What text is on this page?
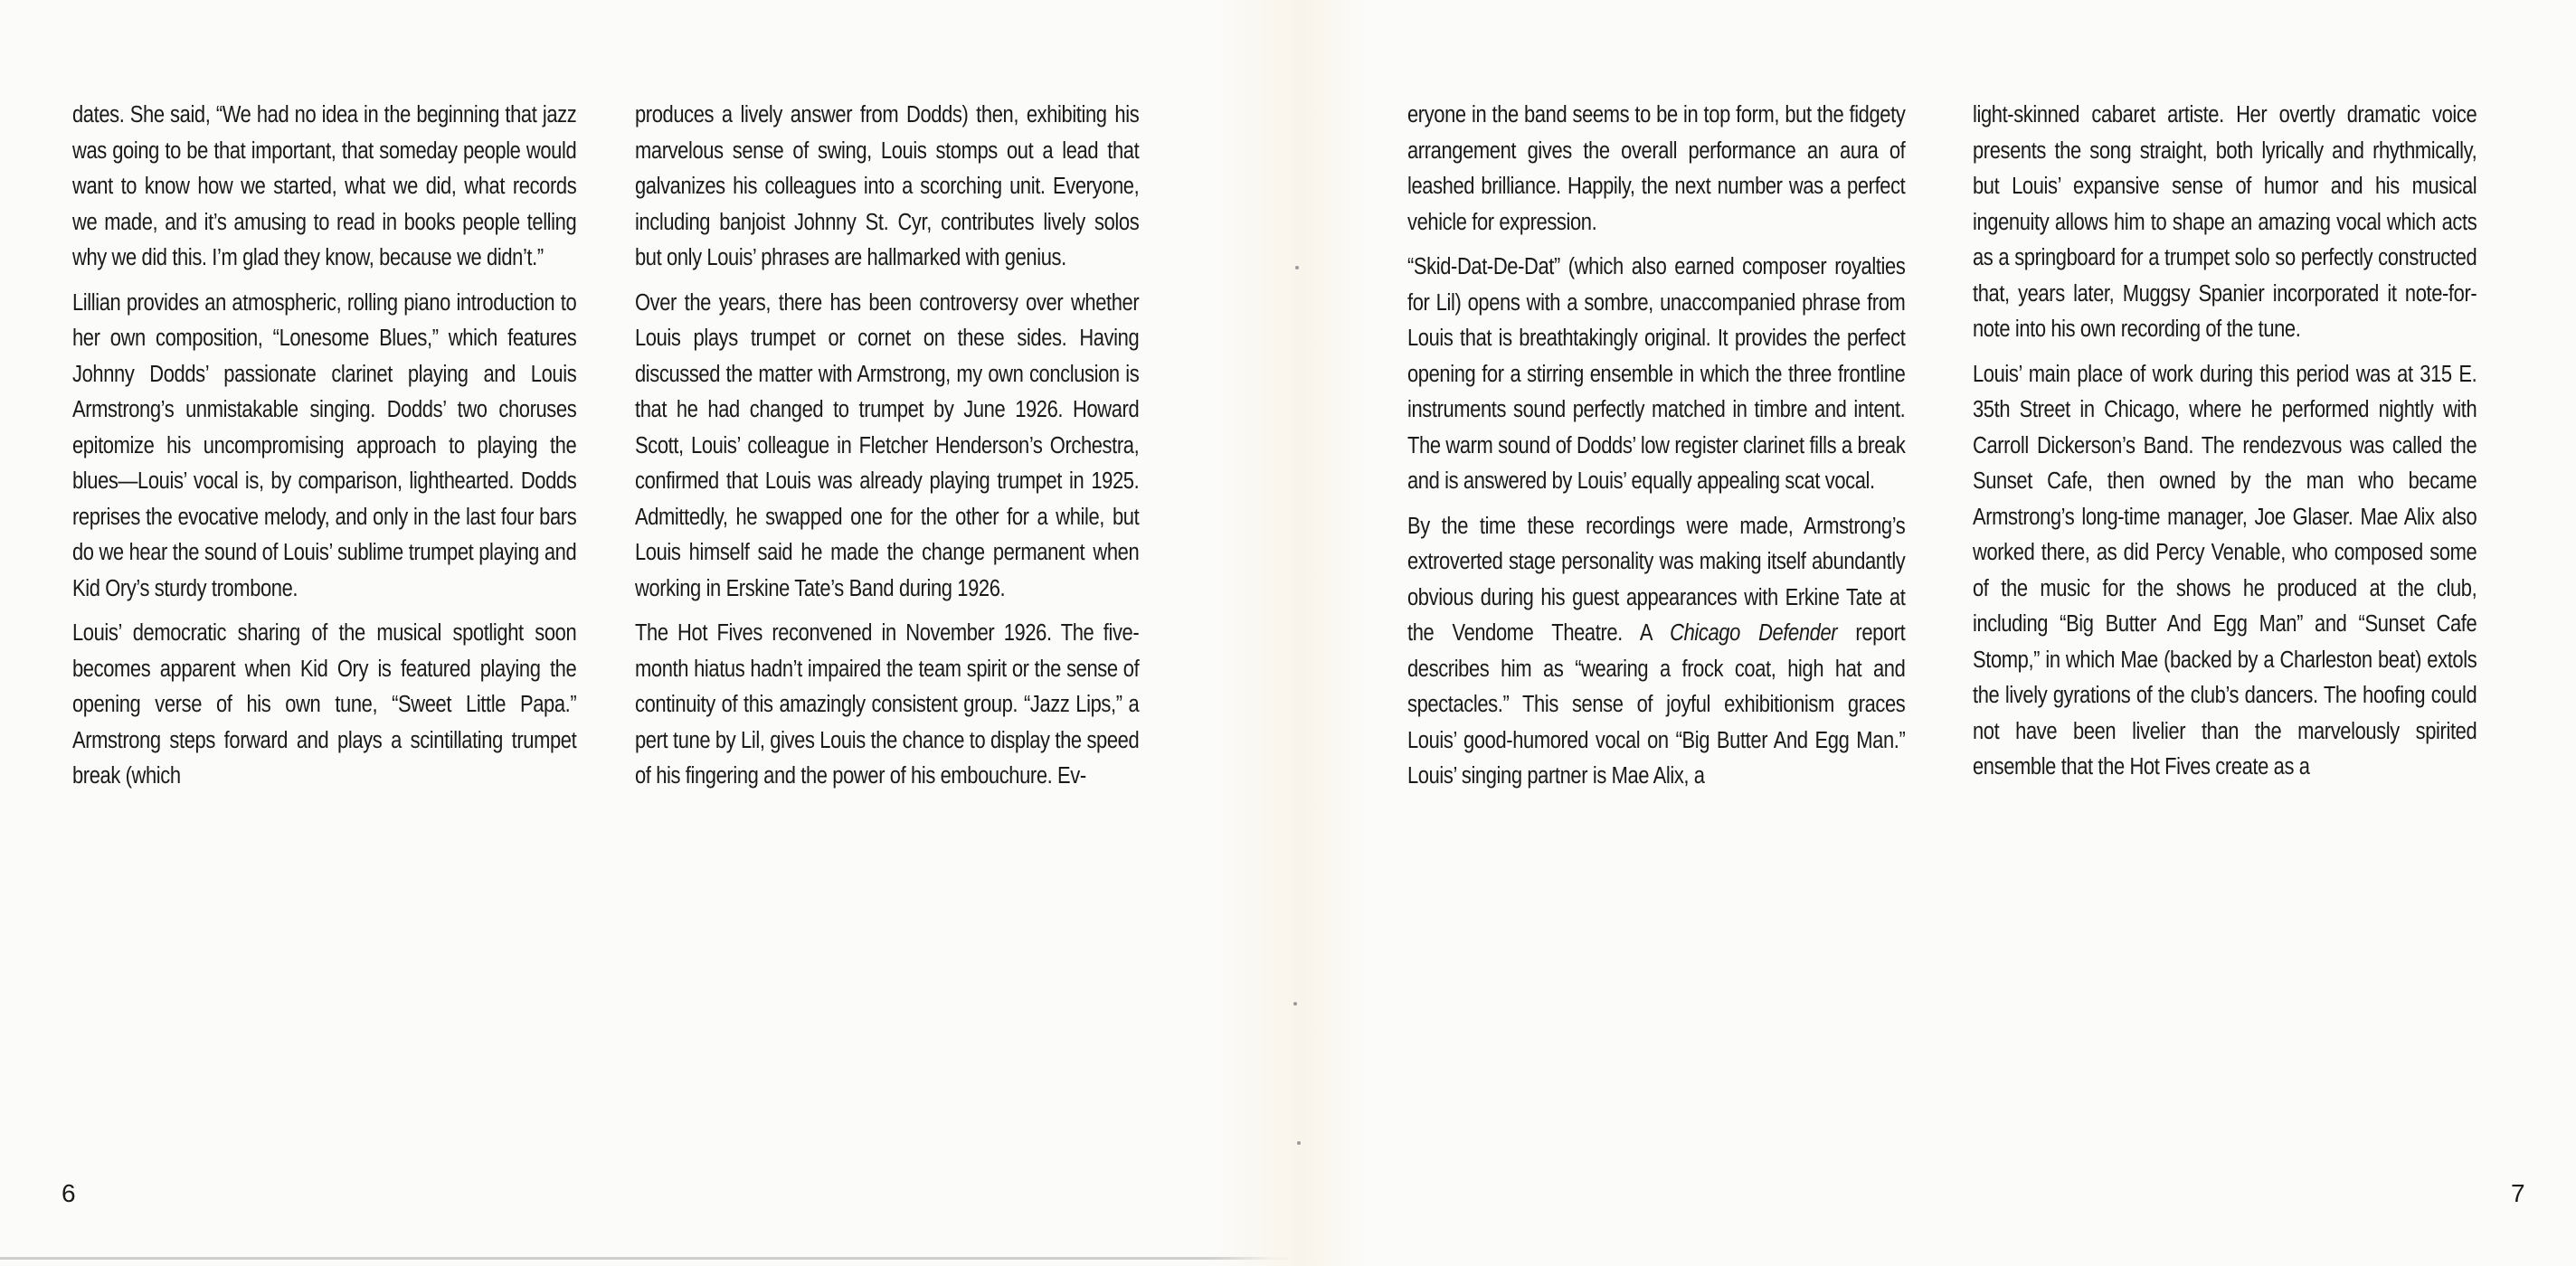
dates. She said, “We had no idea in the beginning that jazz was going to be that important, that someday people would want to know how we started, what we did, what records we made, and it’s amusing to read in books people telling why we did this. I’m glad they know, because we didn’t.”

Lillian provides an atmospheric, rolling piano introduction to her own composition, “Lonesome Blues,” which features Johnny Dodds’ passionate clarinet playing and Louis Armstrong’s unmistakable singing. Dodds’ two choruses epitomize his uncompromising approach to playing the blues—Louis’ vocal is, by comparison, lighthearted. Dodds reprises the evocative melody, and only in the last four bars do we hear the sound of Louis’ sublime trumpet playing and Kid Ory’s sturdy trombone.

Louis’ democratic sharing of the musical spotlight soon becomes apparent when Kid Ory is featured playing the opening verse of his own tune, “Sweet Little Papa.” Armstrong steps forward and plays a scintillating trumpet break (which

produces a lively answer from Dodds) then, exhibiting his marvelous sense of swing, Louis stomps out a lead that galvanizes his colleagues into a scorching unit. Everyone, including banjoist Johnny St. Cyr, contributes lively solos but only Louis’ phrases are hallmarked with genius.

Over the years, there has been controversy over whether Louis plays trumpet or cornet on these sides. Having discussed the matter with Armstrong, my own conclusion is that he had changed to trumpet by June 1926. Howard Scott, Louis’ colleague in Fletcher Henderson’s Orchestra, confirmed that Louis was already playing trumpet in 1925. Admittedly, he swapped one for the other for a while, but Louis himself said he made the change permanent when working in Erskine Tate’s Band during 1926.

The Hot Fives reconvened in November 1926. The five-month hiatus hadn’t impaired the team spirit or the sense of continuity of this amazingly consistent group. “Jazz Lips,” a pert tune by Lil, gives Louis the chance to display the speed of his fingering and the power of his embouchure. Ev-

6

eryone in the band seems to be in top form, but the fidgety arrangement gives the overall performance an aura of leashed brilliance. Happily, the next number was a perfect vehicle for expression.

“Skid-Dat-De-Dat” (which also earned composer royalties for Lil) opens with a sombre, unaccompanied phrase from Louis that is breathtakingly original. It provides the perfect opening for a stirring ensemble in which the three frontline instruments sound perfectly matched in timbre and intent. The warm sound of Dodds’ low register clarinet fills a break and is answered by Louis’ equally appealing scat vocal.

By the time these recordings were made, Armstrong’s extroverted stage personality was making itself abundantly obvious during his guest appearances with Erkine Tate at the Vendome Theatre. A Chicago Defender report describes him as “wearing a frock coat, high hat and spectacles.” This sense of joyful exhibitionism graces Louis’ good-humored vocal on “Big Butter And Egg Man.” Louis’ singing partner is Mae Alix, a

light-skinned cabaret artiste. Her overtly dramatic voice presents the song straight, both lyrically and rhythmically, but Louis’ expansive sense of humor and his musical ingenuity allows him to shape an amazing vocal which acts as a springboard for a trumpet solo so perfectly constructed that, years later, Muggsy Spanier incorporated it note-for-note into his own recording of the tune.

Louis’ main place of work during this period was at 315 E. 35th Street in Chicago, where he performed nightly with Carroll Dickerson’s Band. The rendezvous was called the Sunset Cafe, then owned by the man who became Armstrong’s long-time manager, Joe Glaser. Mae Alix also worked there, as did Percy Venable, who composed some of the music for the shows he produced at the club, including “Big Butter And Egg Man” and “Sunset Cafe Stomp,” in which Mae (backed by a Charleston beat) extols the lively gyrations of the club’s dancers. The hoofing could not have been livelier than the marvelously spirited ensemble that the Hot Fives create as a

7
